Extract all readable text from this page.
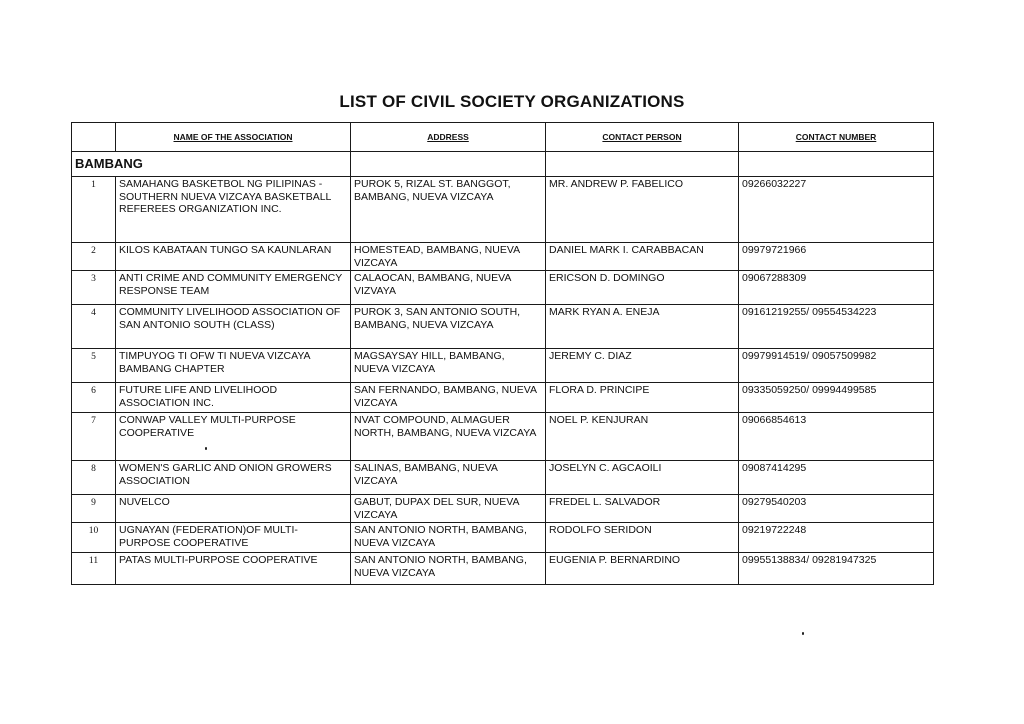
LIST OF CIVIL SOCIETY ORGANIZATIONS
	NAME OF THE ASSOCIATION	ADDRESS	CONTACT PERSON	CONTACT NUMBER
BAMBANG				
1	SAMAHANG BASKETBOL NG PILIPINAS - SOUTHERN NUEVA VIZCAYA BASKETBALL REFEREES ORGANIZATION INC.	PUROK 5, RIZAL ST. BANGGOT, BAMBANG, NUEVA VIZCAYA	MR. ANDREW P. FABELICO	09266032227
2	KILOS KABATAAN TUNGO SA KAUNLARAN	HOMESTEAD, BAMBANG, NUEVA VIZCAYA	DANIEL MARK I. CARABBACAN	09979721966
3	ANTI CRIME AND COMMUNITY EMERGENCY RESPONSE TEAM	CALAOCAN, BAMBANG, NUEVA VIZVAYA	ERICSON D. DOMINGO	09067288309
4	COMMUNITY LIVELIHOOD ASSOCIATION OF SAN ANTONIO SOUTH (CLASS)	PUROK 3, SAN ANTONIO SOUTH, BAMBANG, NUEVA VIZCAYA	MARK RYAN A. ENEJA	09161219255/ 09554534223
5	TIMPUYOG TI OFW TI NUEVA VIZCAYA BAMBANG CHAPTER	MAGSAYSAY HILL, BAMBANG, NUEVA VIZCAYA	JEREMY C. DIAZ	09979914519/ 09057509982
6	FUTURE LIFE AND LIVELIHOOD ASSOCIATION INC.	SAN FERNANDO, BAMBANG, NUEVA VIZCAYA	FLORA D. PRINCIPE	09335059250/ 09994499585
7	CONWAP VALLEY MULTI-PURPOSE COOPERATIVE	NVAT COMPOUND, ALMAGUER NORTH, BAMBANG, NUEVA VIZCAYA	NOEL P. KENJURAN	09066854613
8	WOMEN'S GARLIC AND ONION GROWERS ASSOCIATION	SALINAS, BAMBANG, NUEVA VIZCAYA	JOSELYN C. AGCAOILI	09087414295
9	NUVELCO	GABUT, DUPAX DEL SUR, NUEVA VIZCAYA	FREDEL L. SALVADOR	09279540203
10	UGNAYAN (FEDERATION)OF MULTI-PURPOSE COOPERATIVE	SAN ANTONIO NORTH, BAMBANG, NUEVA VIZCAYA	RODOLFO SERIDON	09219722248
11	PATAS MULTI-PURPOSE COOPERATIVE	SAN ANTONIO NORTH, BAMBANG, NUEVA VIZCAYA	EUGENIA P. BERNARDINO	09955138834/ 09281947325
